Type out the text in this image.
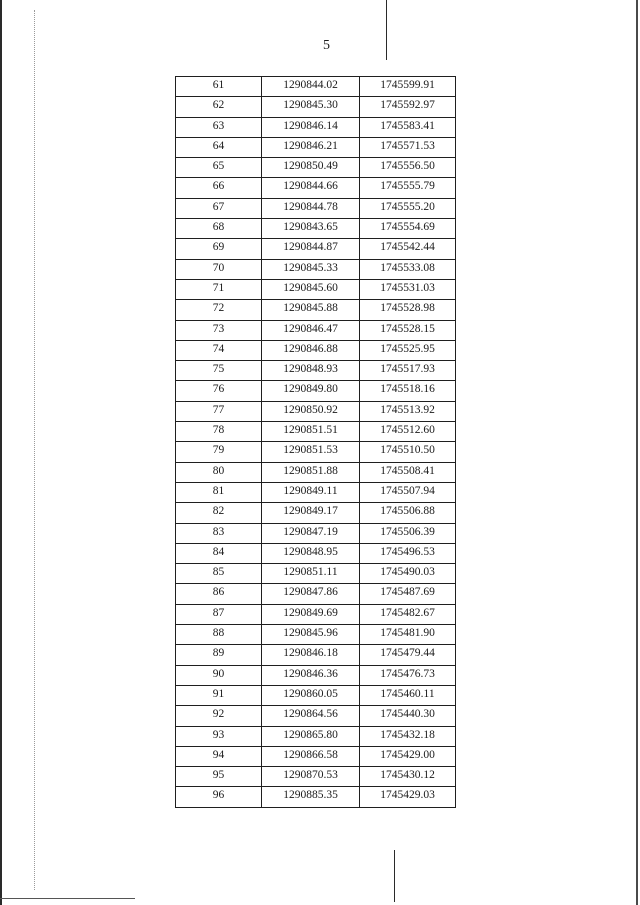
5
61	1290844.02	1745599.91
62	1290845.30	1745592.97
63	1290846.14	1745583.41
64	1290846.21	1745571.53
65	1290850.49	1745556.50
66	1290844.66	1745555.79
67	1290844.78	1745555.20
68	1290843.65	1745554.69
69	1290844.87	1745542.44
70	1290845.33	1745533.08
71	1290845.60	1745531.03
72	1290845.88	1745528.98
73	1290846.47	1745528.15
74	1290846.88	1745525.95
75	1290848.93	1745517.93
76	1290849.80	1745518.16
77	1290850.92	1745513.92
78	1290851.51	1745512.60
79	1290851.53	1745510.50
80	1290851.88	1745508.41
81	1290849.11	1745507.94
82	1290849.17	1745506.88
83	1290847.19	1745506.39
84	1290848.95	1745496.53
85	1290851.11	1745490.03
86	1290847.86	1745487.69
87	1290849.69	1745482.67
88	1290845.96	1745481.90
89	1290846.18	1745479.44
90	1290846.36	1745476.73
91	1290860.05	1745460.11
92	1290864.56	1745440.30
93	1290865.80	1745432.18
94	1290866.58	1745429.00
95	1290870.53	1745430.12
96	1290885.35	1745429.03
